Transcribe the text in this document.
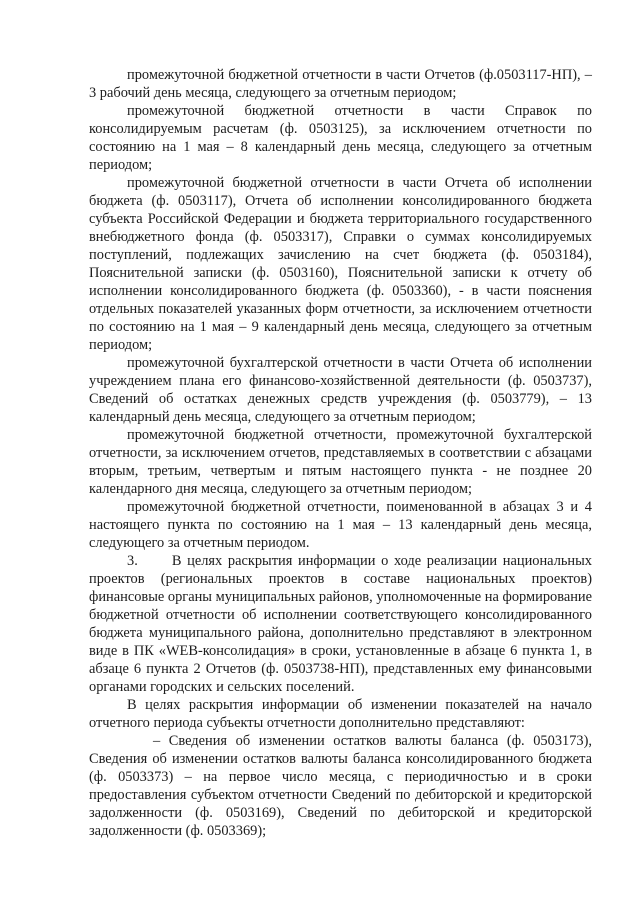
промежуточной бюджетной отчетности в части Отчетов (ф.0503117-НП), – 3 рабочий день месяца, следующего за отчетным периодом;

промежуточной бюджетной отчетности в части Справок по консолидируемым расчетам (ф. 0503125), за исключением отчетности по состоянию на 1 мая – 8 календарный день месяца, следующего за отчетным периодом;

промежуточной бюджетной отчетности в части Отчета об исполнении бюджета (ф. 0503117), Отчета об исполнении консолидированного бюджета субъекта Российской Федерации и бюджета территориального государственного внебюджетного фонда (ф. 0503317), Справки о суммах консолидируемых поступлений, подлежащих зачислению на счет бюджета (ф. 0503184), Пояснительной записки (ф. 0503160), Пояснительной записки к отчету об исполнении консолидированного бюджета (ф. 0503360), - в части пояснения отдельных показателей указанных форм отчетности, за исключением отчетности по состоянию на 1 мая – 9 календарный день месяца, следующего за отчетным периодом;

промежуточной бухгалтерской отчетности в части Отчета об исполнении учреждением плана его финансово-хозяйственной деятельности (ф. 0503737), Сведений об остатках денежных средств учреждения (ф. 0503779), – 13 календарный день месяца, следующего за отчетным периодом;

промежуточной бюджетной отчетности, промежуточной бухгалтерской отчетности, за исключением отчетов, представляемых в соответствии с абзацами вторым, третьим, четвертым и пятым настоящего пункта - не позднее 20 календарного дня месяца, следующего за отчетным периодом;

промежуточной бюджетной отчетности, поименованной в абзацах 3 и 4 настоящего пункта по состоянию на 1 мая – 13 календарный день месяца, следующего за отчетным периодом.

3.      В целях раскрытия информации о ходе реализации национальных проектов (региональных проектов в составе национальных проектов) финансовые органы муниципальных районов, уполномоченные на формирование бюджетной отчетности об исполнении соответствующего консолидированного бюджета муниципального района, дополнительно представляют в электронном виде в ПК «WEB-консолидация» в сроки, установленные в абзаце 6 пункта 1, в абзаце 6 пункта 2 Отчетов (ф. 0503738-НП), представленных ему финансовыми органами городских и сельских поселений.

В целях раскрытия информации об изменении показателей на начало отчетного периода субъекты отчетности дополнительно представляют:

– Сведения об изменении остатков валюты баланса (ф. 0503173), Сведения об изменении остатков валюты баланса консолидированного бюджета (ф. 0503373) – на первое число месяца, с периодичностью и в сроки предоставления субъектом отчетности Сведений по дебиторской и кредиторской задолженности (ф. 0503169), Сведений по дебиторской и кредиторской задолженности (ф. 0503369);
